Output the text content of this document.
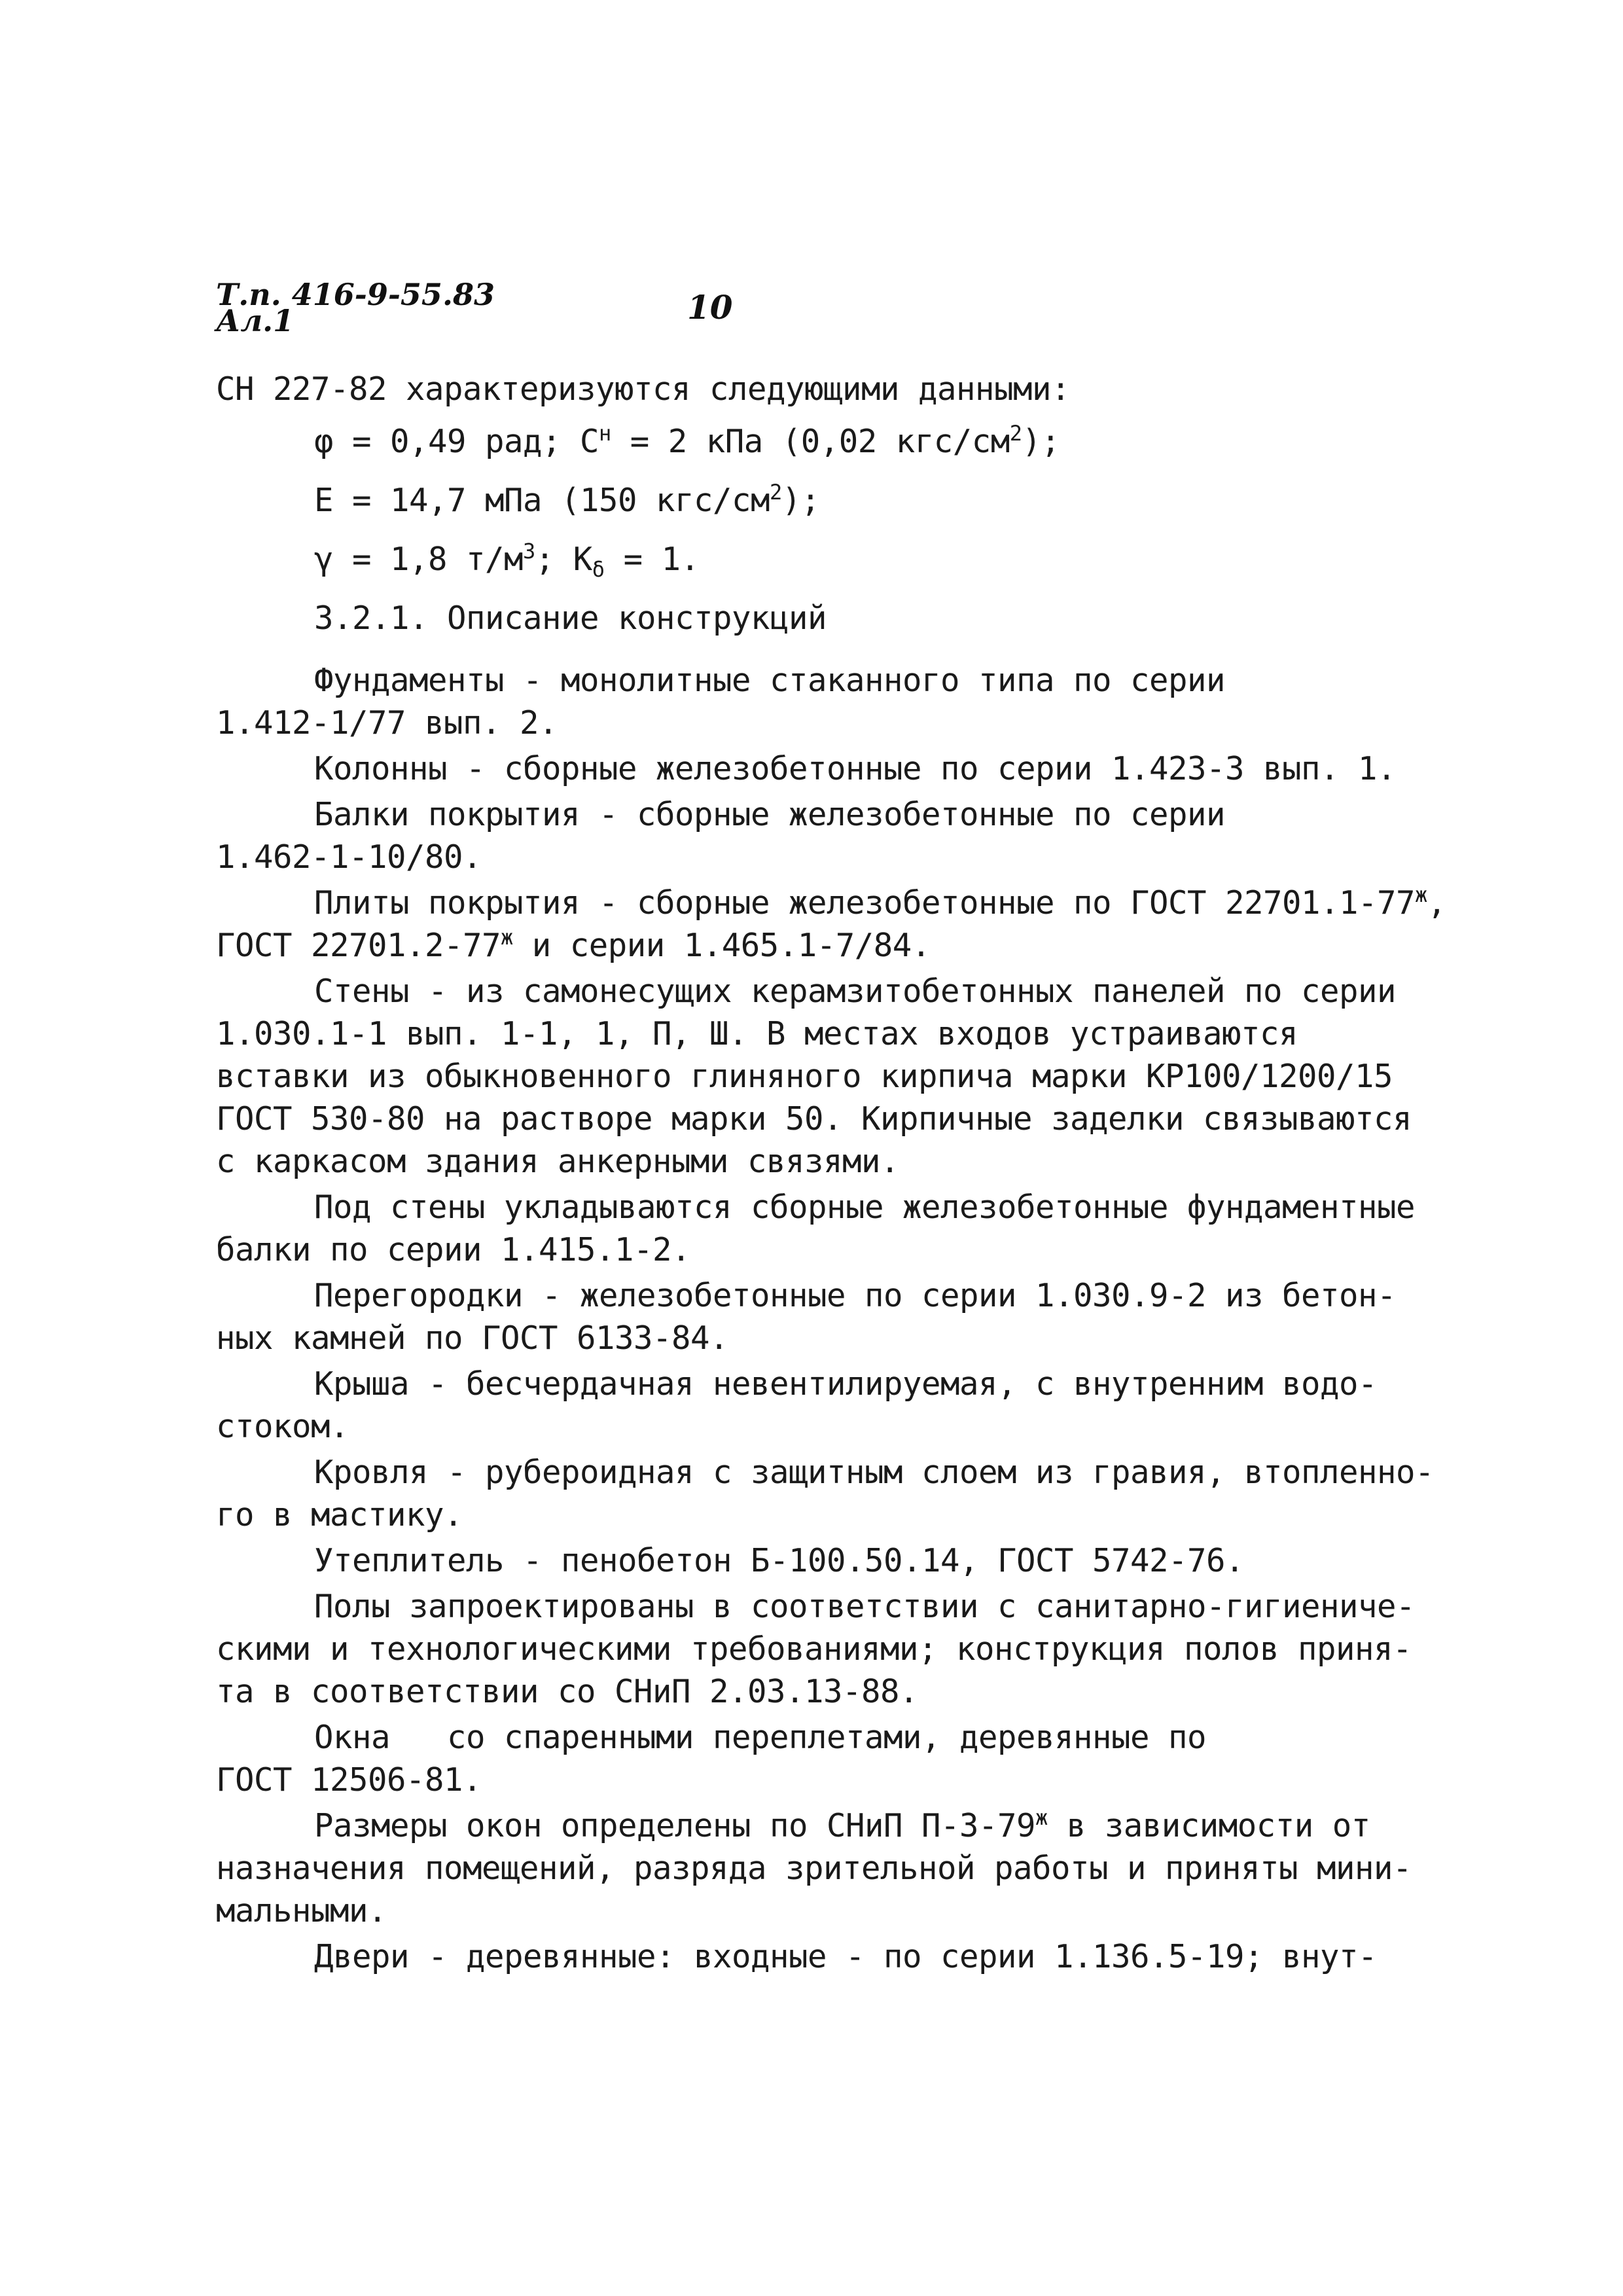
Т.п. 416-9-55.83
Ал.1	10
СН 227-82 характеризуются следующими данными:
φ = 0,49 рад; $С^н = 2$ кПа (0,02 кгс/$см^2$);
Е = 14,7 мПа (150 кгс/$см^2$);
γ = 1,8 $т/м^3$; $К_\delta = 1$.
3.2.1. Описание конструкций
Фундаменты - монолитные стаканного типа по серии
1.412-1/77 вып. 2.
Колонны - сборные железобетонные по серии 1.423-3 вып. 1.
Балки покрытия - сборные железобетонные по серии
1.462-1-10/80.
Плиты покрытия - сборные железобетонные по ГОСТ $22701.1-77^ж$,
ГОСТ $22701.2-77^ж$ и серии 1.465.1-7/84.
Стены - из самонесущих керамзитобетонных панелей по серии
1.030.1-1 вып. 1-1, 1, П, Ш. В местах входов устраиваются
вставки из обыкновенного глиняного кирпича марки КР100/1200/15
ГОСТ 530-80 на растворе марки 50. Кирпичные заделки связываются
с каркасом здания анкерными связями.
Под стены укладываются сборные железобетонные фундаментные
балки по серии 1.415.1-2.
Перегородки - железобетонные по серии 1.030.9-2 из бетон-
ных камней по ГОСТ 6133-84.
Крыша - бесчердачная невентилируемая, с внутренним водо-
стоком.
Кровля - рубероидная с защитным слоем из гравия, втопленно-
го в мастику.
Утеплитель - пенобетон Б-100.50.14, ГОСТ 5742-76.
Полы запроектированы в соответствии с санитарно-гигиениче-
скими и технологическими требованиями; конструкция полов приня-
та в соответствии со СНиП 2.03.13-88.
Окна   со спаренными переплетами, деревянные по
ГОСТ 12506-81.
Размеры окон определены по СНиП $П-3-79^ж$ в зависимости от
назначения помещений, разряда зрительной работы и приняты мини-
мальными.
Двери - деревянные: входные - по серии 1.136.5-19; внут-
